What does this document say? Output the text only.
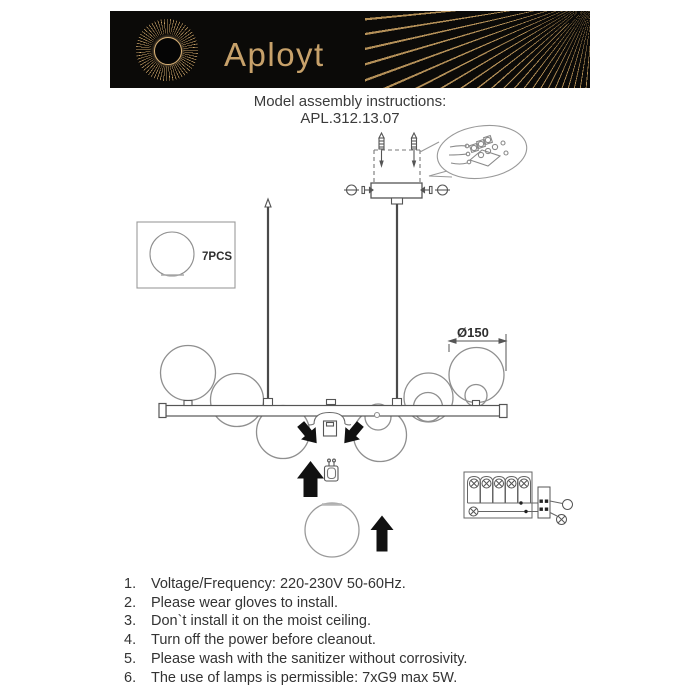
Aployt
Model assembly instructions:
APL.312.13.07
7PCS
Ø150
1.	Voltage/Frequency: 220-230V 50-60Hz.
2.	Please wear gloves to install.
3.	Don`t install it on the moist ceiling.
4.	Turn off the power before cleanout.
5.	Please wash with the sanitizer without corrosivity.
6.	The use of lamps is permissible: 7xG9 max 5W.
